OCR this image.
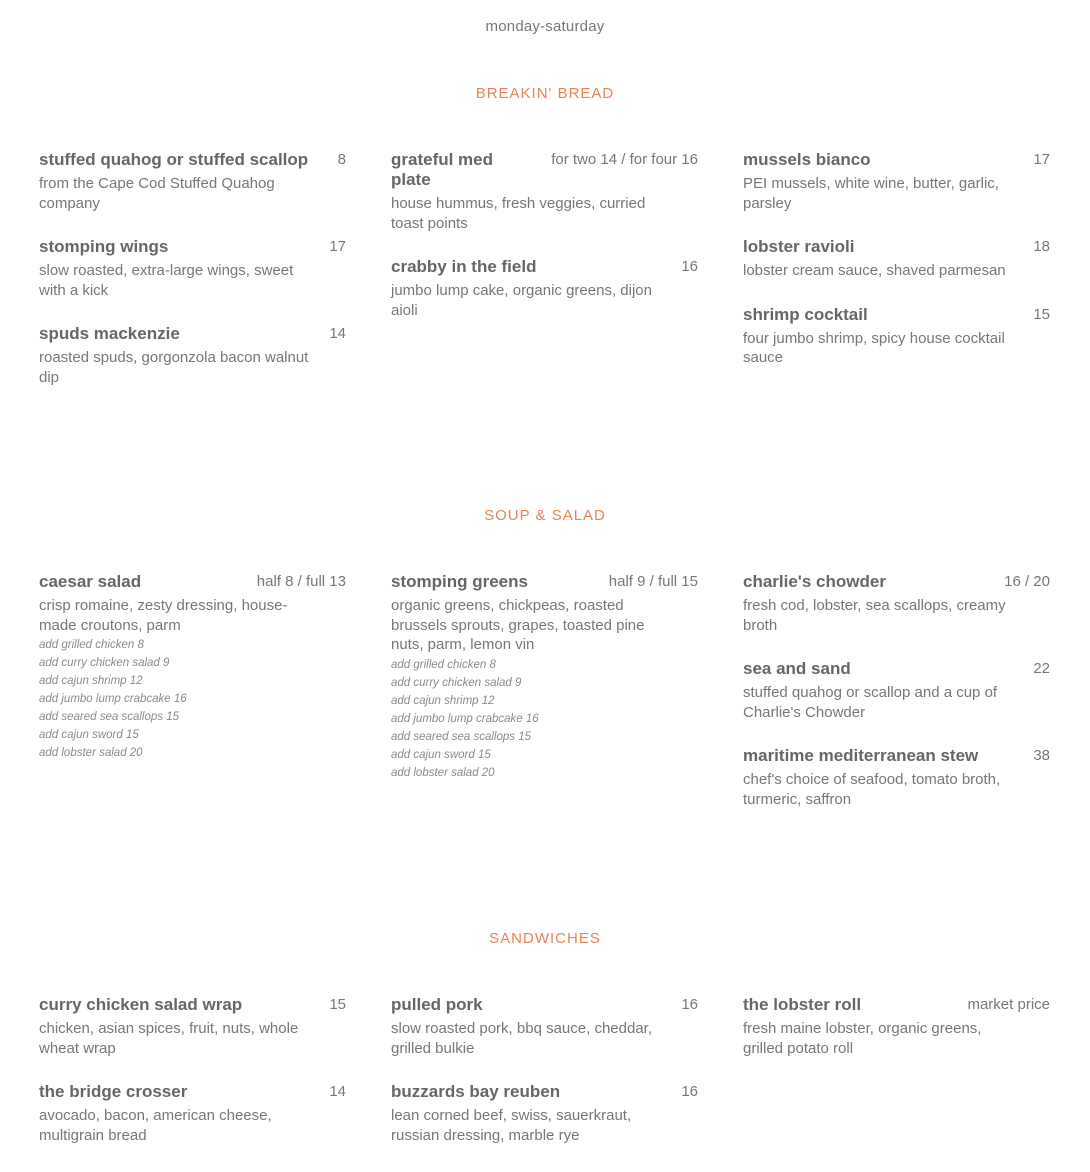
monday-saturday
BREAKIN' BREAD
stuffed quahog or stuffed scallop	8
from the Cape Cod Stuffed Quahog company
stomping wings	17
slow roasted, extra-large wings, sweet with a kick
spuds mackenzie	14
roasted spuds, gorgonzola bacon walnut dip
grateful med plate
for two 14 / for four 16
house hummus, fresh veggies, curried toast points
crabby in the field	16
jumbo lump cake, organic greens, dijon aioli
mussels bianco	17
PEI mussels, white wine, butter, garlic, parsley
lobster ravioli	18
lobster cream sauce, shaved parmesan
shrimp cocktail	15
four jumbo shrimp, spicy house cocktail sauce
SOUP & SALAD
caesar salad	half 8 / full 13
crisp romaine, zesty dressing, house-made croutons, parm
add grilled chicken 8
add curry chicken salad 9
add cajun shrimp 12
add jumbo lump crabcake 16
add seared sea scallops 15
add cajun sword 15
add lobster salad 20
stomping greens	half 9 / full 15
organic greens, chickpeas, roasted brussels sprouts, grapes, toasted pine nuts, parm, lemon vin
add grilled chicken 8
add curry chicken salad 9
add cajun shrimp 12
add jumbo lump crabcake 16
add seared sea scallops 15
add cajun sword 15
add lobster salad 20
charlie's chowder	16 / 20
fresh cod, lobster, sea scallops, creamy broth
sea and sand	22
stuffed quahog or scallop and a cup of Charlie's Chowder
maritime mediterranean stew	38
chef's choice of seafood, tomato broth, turmeric, saffron
SANDWICHES
curry chicken salad wrap	15
chicken, asian spices, fruit, nuts, whole wheat wrap
the bridge crosser	14
avocado, bacon, american cheese, multigrain bread
pulled pork	16
slow roasted pork, bbq sauce, cheddar, grilled bulkie
buzzards bay reuben	16
lean corned beef, swiss, sauerkraut, russian dressing, marble rye
the lobster roll	market price
fresh maine lobster, organic greens, grilled potato roll
